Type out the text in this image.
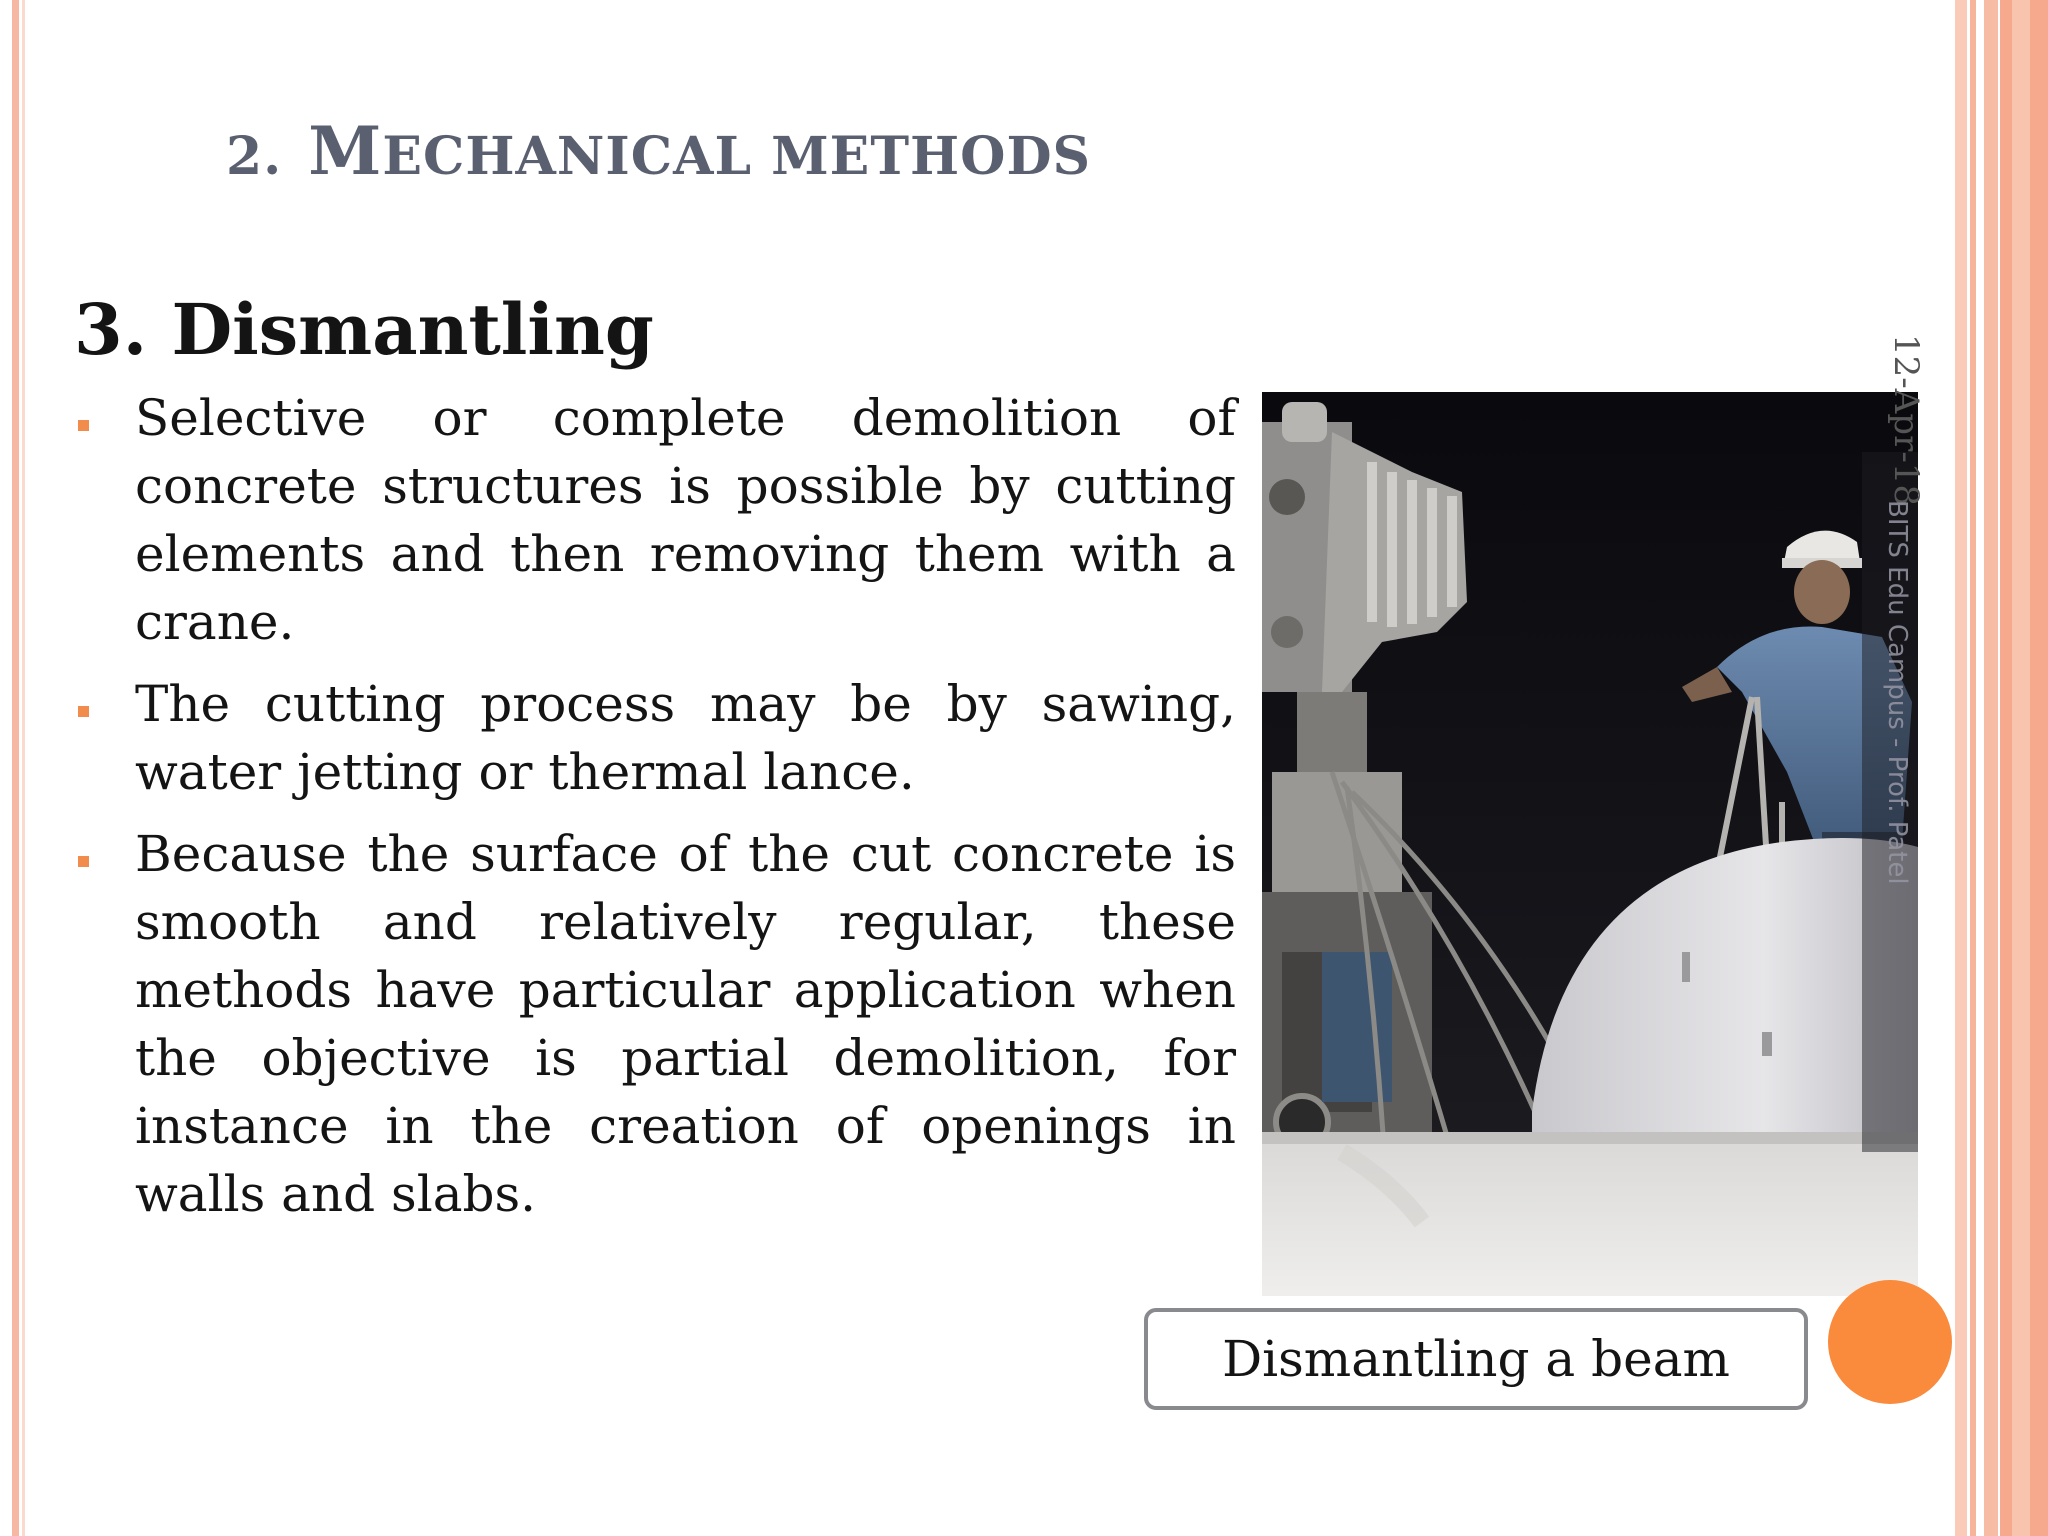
2. MECHANICAL METHODS
3. Dismantling
Selective or complete demolition of concrete structures is possible by cutting elements and then removing them with a crane.
The cutting process may be by sawing, water jetting or thermal lance.
Because the surface of the cut concrete is smooth and relatively regular, these methods have particular application when the objective is partial demolition, for instance in the creation of openings in walls and slabs.
12-Apr-18
BITS Edu Campus - Prof. Patel
Dismantling a beam
